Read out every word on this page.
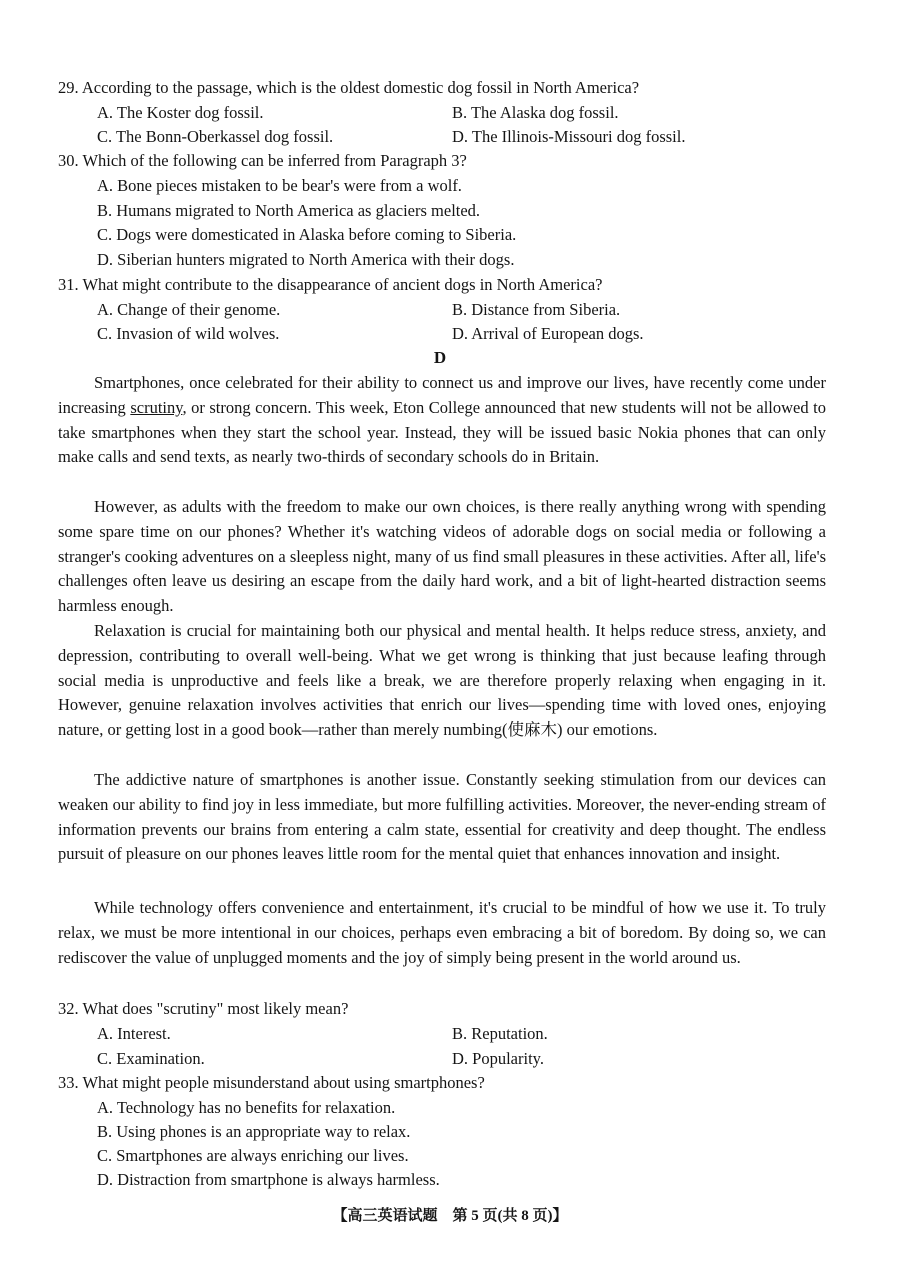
29. According to the passage, which is the oldest domestic dog fossil in North America?
A. The Koster dog fossil.	B. The Alaska dog fossil.
C. The Bonn-Oberkassel dog fossil.	D. The Illinois-Missouri dog fossil.
30. Which of the following can be inferred from Paragraph 3?
A. Bone pieces mistaken to be bear's were from a wolf.
B. Humans migrated to North America as glaciers melted.
C. Dogs were domesticated in Alaska before coming to Siberia.
D. Siberian hunters migrated to North America with their dogs.
31. What might contribute to the disappearance of ancient dogs in North America?
A. Change of their genome.	B. Distance from Siberia.
C. Invasion of wild wolves.	D. Arrival of European dogs.
D
Smartphones, once celebrated for their ability to connect us and improve our lives, have recently come under increasing scrutiny, or strong concern. This week, Eton College announced that new students will not be allowed to take smartphones when they start the school year. Instead, they will be issued basic Nokia phones that can only make calls and send texts, as nearly two-thirds of secondary schools do in Britain.
However, as adults with the freedom to make our own choices, is there really anything wrong with spending some spare time on our phones? Whether it's watching videos of adorable dogs on social media or following a stranger's cooking adventures on a sleepless night, many of us find small pleasures in these activities. After all, life's challenges often leave us desiring an escape from the daily hard work, and a bit of light-hearted distraction seems harmless enough.
Relaxation is crucial for maintaining both our physical and mental health. It helps reduce stress, anxiety, and depression, contributing to overall well-being. What we get wrong is thinking that just because leafing through social media is unproductive and feels like a break, we are therefore properly relaxing when engaging in it. However, genuine relaxation involves activities that enrich our lives—spending time with loved ones, enjoying nature, or getting lost in a good book—rather than merely numbing(使麻木) our emotions.
The addictive nature of smartphones is another issue. Constantly seeking stimulation from our devices can weaken our ability to find joy in less immediate, but more fulfilling activities. Moreover, the never-ending stream of information prevents our brains from entering a calm state, essential for creativity and deep thought. The endless pursuit of pleasure on our phones leaves little room for the mental quiet that enhances innovation and insight.
While technology offers convenience and entertainment, it's crucial to be mindful of how we use it. To truly relax, we must be more intentional in our choices, perhaps even embracing a bit of boredom. By doing so, we can rediscover the value of unplugged moments and the joy of simply being present in the world around us.
32. What does "scrutiny" most likely mean?
A. Interest.	B. Reputation.
C. Examination.	D. Popularity.
33. What might people misunderstand about using smartphones?
A. Technology has no benefits for relaxation.
B. Using phones is an appropriate way to relax.
C. Smartphones are always enriching our lives.
D. Distraction from smartphone is always harmless.
【高三英语试题　第 5 页(共 8 页)】
